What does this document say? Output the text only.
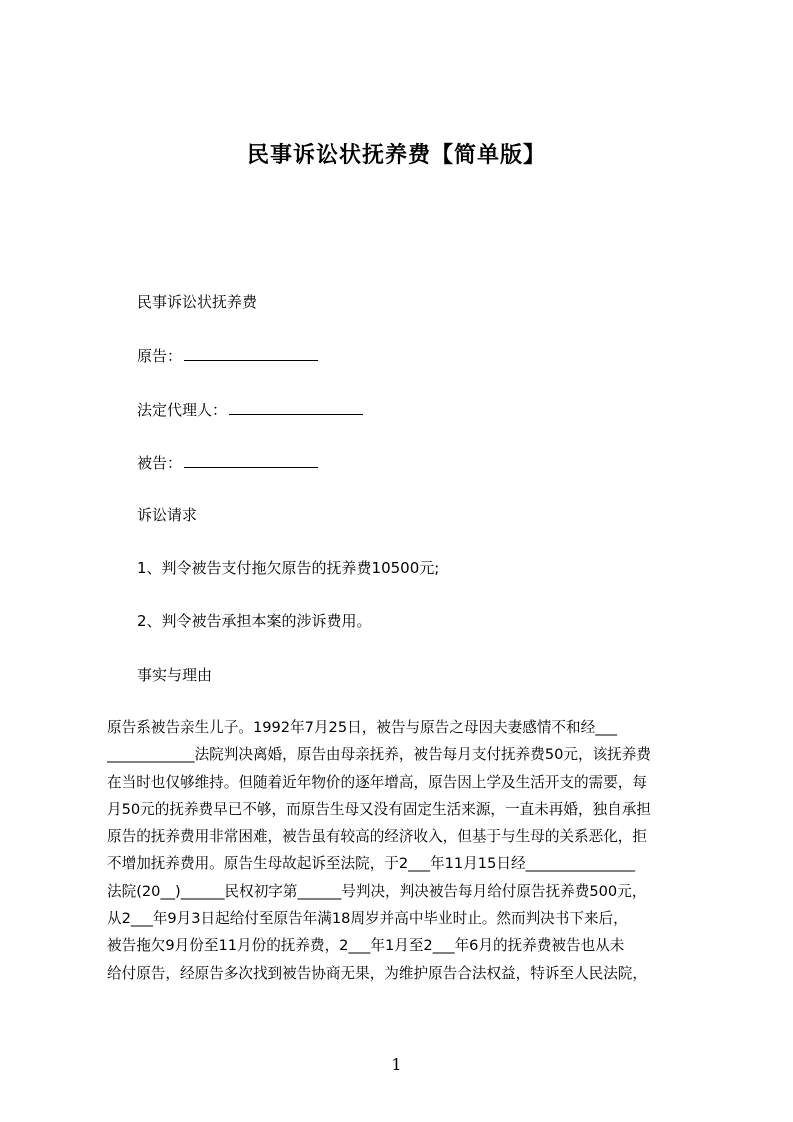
民事诉讼状抚养费【简单版】
民事诉讼状抚养费
原告：
法定代理人：
被告：
诉讼请求
1、判令被告支付拖欠原告的抚养费10500元;
2、判令被告承担本案的涉诉费用。
事实与理由
原告系被告亲生儿子。1992年7月25日，被告与原告之母因夫妻感情不和经___
____________法院判决离婚，原告由母亲抚养，被告每月支付抚养费50元，该抚养费
在当时也仅够维持。但随着近年物价的逐年增高，原告因上学及生活开支的需要，每
月50元的抚养费早已不够，而原告生母又没有固定生活来源，一直未再婚，独自承担
原告的抚养费用非常困难，被告虽有较高的经济收入，但基于与生母的关系恶化，拒
不增加抚养费用。原告生母故起诉至法院，于2___年11月15日经_______________
法院(20__)______民权初字第______号判决，判决被告每月给付原告抚养费500元，
从2___年9月3日起给付至原告年满18周岁并高中毕业时止。然而判决书下来后，
被告拖欠9月份至11月份的抚养费，2___年1月至2___年6月的抚养费被告也从未
给付原告，经原告多次找到被告协商无果，为维护原告合法权益，特诉至人民法院，
1
